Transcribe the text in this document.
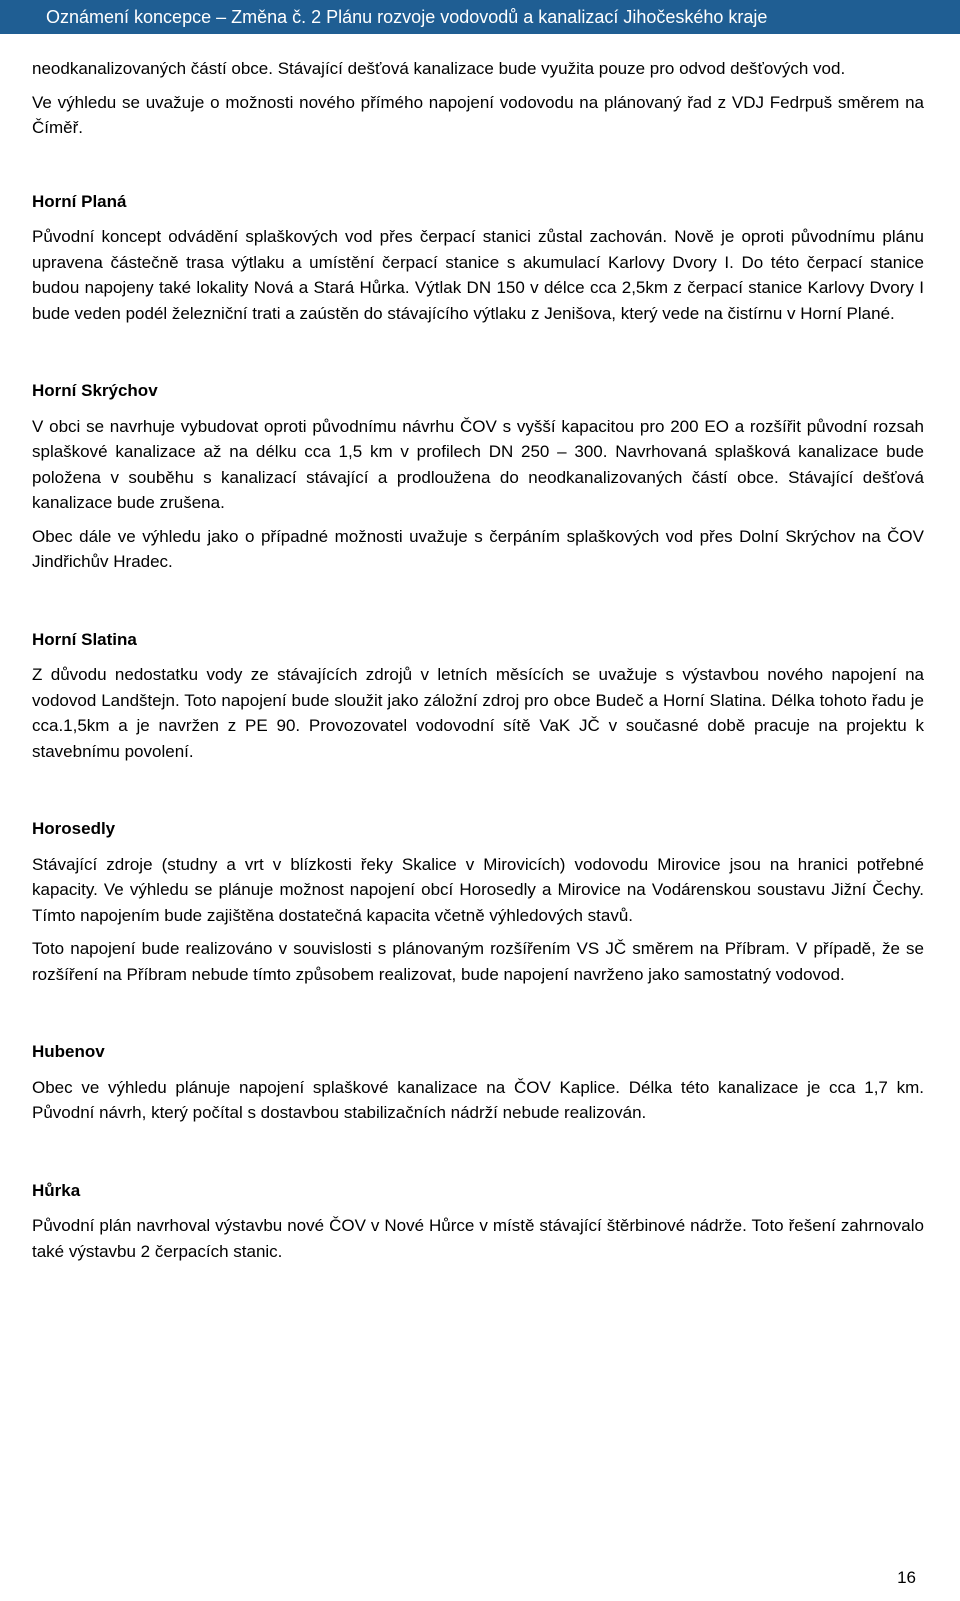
Oznámení koncepce – Změna č. 2 Plánu rozvoje vodovodů a kanalizací Jihočeského kraje

neodkanalizovaných částí obce. Stávající dešťová kanalizace bude využita pouze pro odvod dešťových vod.

Ve výhledu se uvažuje o možnosti nového přímého napojení vodovodu na plánovaný řad z VDJ Fedrpuš směrem na Číměř.

Horní Planá

Původní koncept odvádění splaškových vod přes čerpací stanici zůstal zachován. Nově je oproti původnímu plánu upravena částečně trasa výtlaku a umístění čerpací stanice s akumulací Karlovy Dvory I. Do této čerpací stanice budou napojeny také lokality Nová a Stará Hůrka. Výtlak DN 150 v délce cca 2,5km z čerpací stanice Karlovy Dvory I bude veden podél železniční trati a zaústěn do stávajícího výtlaku z Jenišova, který vede na čistírnu v Horní Plané.

Horní Skrýchov

V obci se navrhuje vybudovat oproti původnímu návrhu ČOV s vyšší kapacitou pro 200 EO a rozšířit původní rozsah splaškové kanalizace až na délku cca 1,5 km v profilech DN 250 – 300. Navrhovaná splašková kanalizace bude položena v souběhu s kanalizací stávající a prodloužena do neodkanalizovaných částí obce. Stávající dešťová kanalizace bude zrušena.

Obec dále ve výhledu jako o případné možnosti uvažuje s čerpáním splaškových vod přes Dolní Skrýchov na ČOV Jindřichův Hradec.

Horní Slatina

Z důvodu nedostatku vody ze stávajících zdrojů v letních měsících se uvažuje s výstavbou nového napojení na vodovod Landštejn. Toto napojení bude sloužit jako záložní zdroj pro obce Budeč a Horní Slatina. Délka tohoto řadu je cca.1,5km a je navržen z PE 90. Provozovatel vodovodní sítě VaK JČ v současné době pracuje na projektu k stavebnímu povolení.

Horosedly

Stávající zdroje (studny a vrt v blízkosti řeky Skalice v Mirovicích) vodovodu Mirovice jsou na hranici potřebné kapacity. Ve výhledu se plánuje možnost napojení obcí Horosedly a Mirovice na Vodárenskou soustavu Jižní Čechy. Tímto napojením bude zajištěna dostatečná kapacita včetně výhledových stavů.

Toto napojení bude realizováno v souvislosti s plánovaným rozšířením VS JČ směrem na Příbram. V případě, že se rozšíření na Příbram nebude tímto způsobem realizovat, bude napojení navrženo jako samostatný vodovod.

Hubenov

Obec ve výhledu plánuje napojení splaškové kanalizace na ČOV Kaplice. Délka této kanalizace je cca 1,7 km. Původní návrh, který počítal s dostavbou stabilizačních nádrží nebude realizován.

Hůrka

Původní plán navrhoval výstavbu nové ČOV v Nové Hůrce v místě stávající štěrbinové nádrže. Toto řešení zahrnovalo také výstavbu 2 čerpacích stanic.

16
